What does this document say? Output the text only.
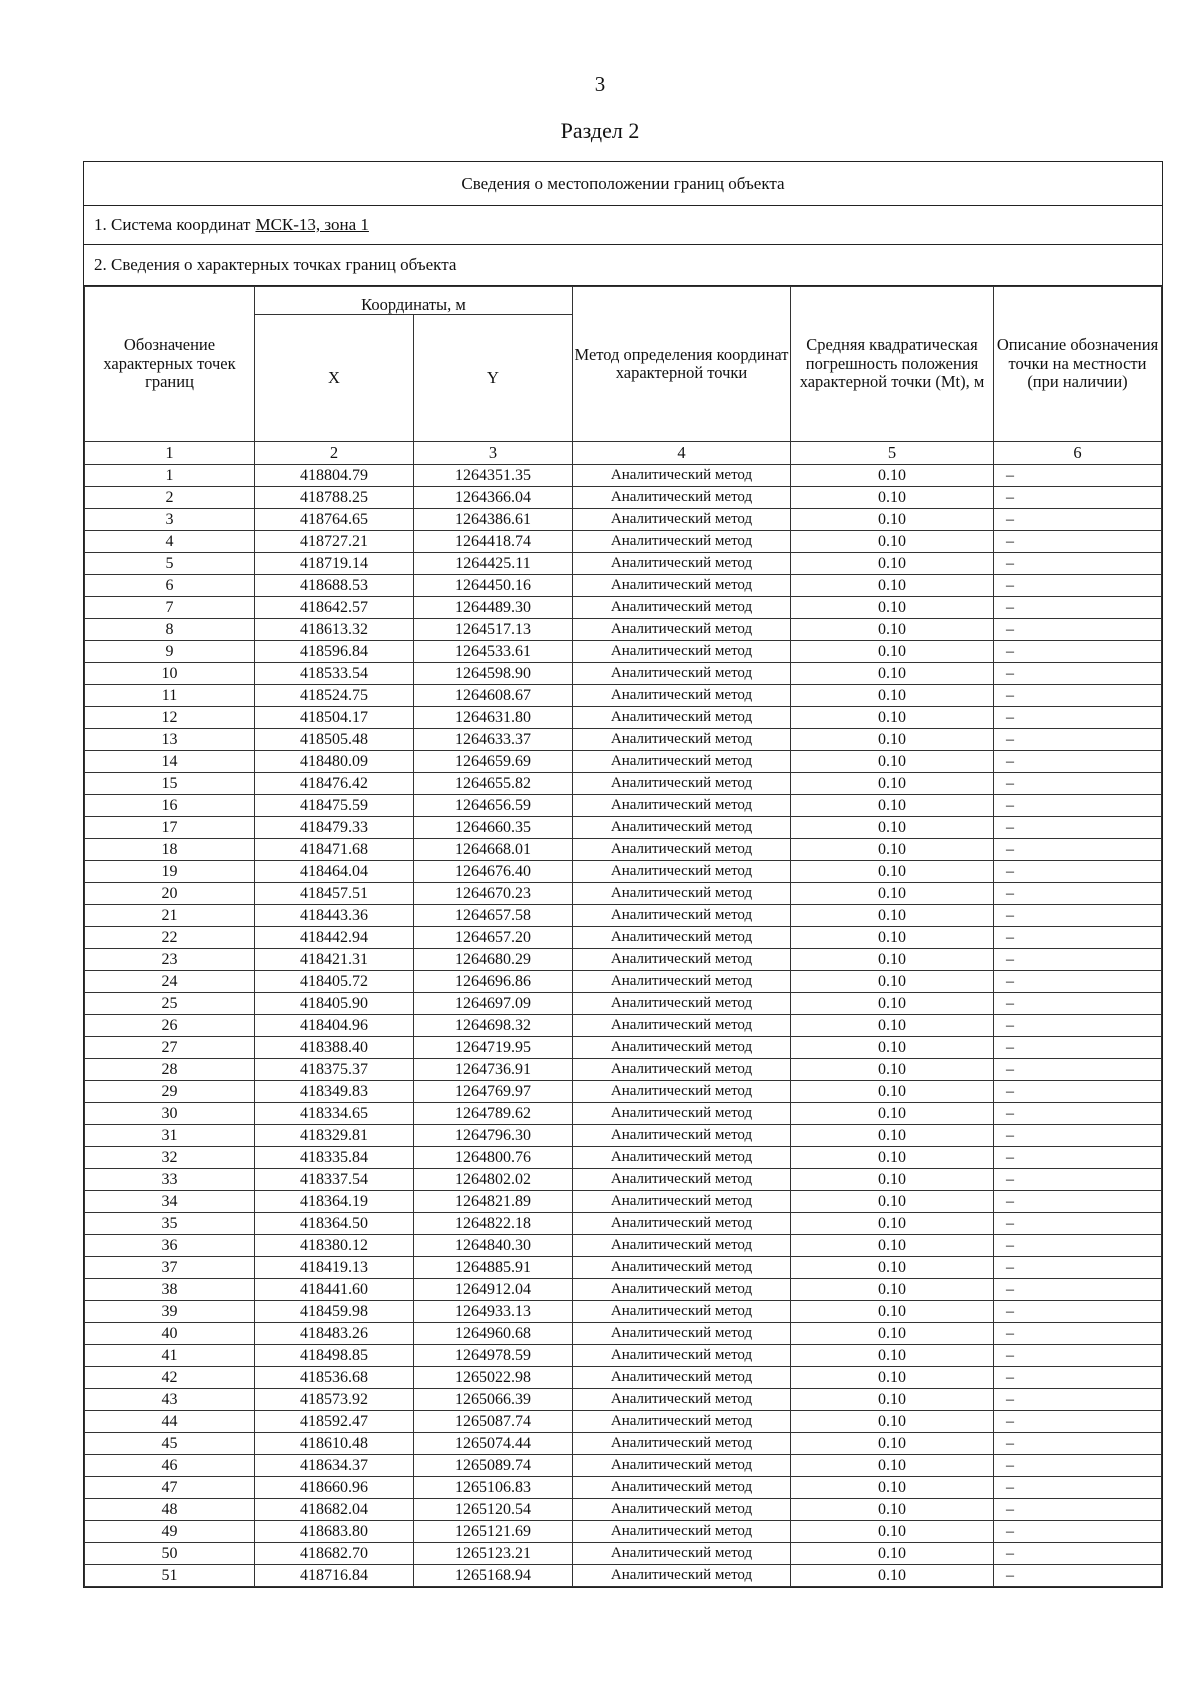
3
Раздел 2
Сведения о местоположении границ объекта
1. Система координат МСК-13, зона 1
2. Сведения о характерных точках границ объекта
Обозначение характерных точек границ	Координаты, м		Метод определения координат характерной точки	Средняя квадратическая погрешность положения характерной точки (Mt), м	Описание обозначения точки на местности (при наличии)
	X	Y			
1	2	3	4	5	6
1	418804.79	1264351.35	Аналитический метод	0.10	–
2	418788.25	1264366.04	Аналитический метод	0.10	–
3	418764.65	1264386.61	Аналитический метод	0.10	–
4	418727.21	1264418.74	Аналитический метод	0.10	–
5	418719.14	1264425.11	Аналитический метод	0.10	–
6	418688.53	1264450.16	Аналитический метод	0.10	–
7	418642.57	1264489.30	Аналитический метод	0.10	–
8	418613.32	1264517.13	Аналитический метод	0.10	–
9	418596.84	1264533.61	Аналитический метод	0.10	–
10	418533.54	1264598.90	Аналитический метод	0.10	–
11	418524.75	1264608.67	Аналитический метод	0.10	–
12	418504.17	1264631.80	Аналитический метод	0.10	–
13	418505.48	1264633.37	Аналитический метод	0.10	–
14	418480.09	1264659.69	Аналитический метод	0.10	–
15	418476.42	1264655.82	Аналитический метод	0.10	–
16	418475.59	1264656.59	Аналитический метод	0.10	–
17	418479.33	1264660.35	Аналитический метод	0.10	–
18	418471.68	1264668.01	Аналитический метод	0.10	–
19	418464.04	1264676.40	Аналитический метод	0.10	–
20	418457.51	1264670.23	Аналитический метод	0.10	–
21	418443.36	1264657.58	Аналитический метод	0.10	–
22	418442.94	1264657.20	Аналитический метод	0.10	–
23	418421.31	1264680.29	Аналитический метод	0.10	–
24	418405.72	1264696.86	Аналитический метод	0.10	–
25	418405.90	1264697.09	Аналитический метод	0.10	–
26	418404.96	1264698.32	Аналитический метод	0.10	–
27	418388.40	1264719.95	Аналитический метод	0.10	–
28	418375.37	1264736.91	Аналитический метод	0.10	–
29	418349.83	1264769.97	Аналитический метод	0.10	–
30	418334.65	1264789.62	Аналитический метод	0.10	–
31	418329.81	1264796.30	Аналитический метод	0.10	–
32	418335.84	1264800.76	Аналитический метод	0.10	–
33	418337.54	1264802.02	Аналитический метод	0.10	–
34	418364.19	1264821.89	Аналитический метод	0.10	–
35	418364.50	1264822.18	Аналитический метод	0.10	–
36	418380.12	1264840.30	Аналитический метод	0.10	–
37	418419.13	1264885.91	Аналитический метод	0.10	–
38	418441.60	1264912.04	Аналитический метод	0.10	–
39	418459.98	1264933.13	Аналитический метод	0.10	–
40	418483.26	1264960.68	Аналитический метод	0.10	–
41	418498.85	1264978.59	Аналитический метод	0.10	–
42	418536.68	1265022.98	Аналитический метод	0.10	–
43	418573.92	1265066.39	Аналитический метод	0.10	–
44	418592.47	1265087.74	Аналитический метод	0.10	–
45	418610.48	1265074.44	Аналитический метод	0.10	–
46	418634.37	1265089.74	Аналитический метод	0.10	–
47	418660.96	1265106.83	Аналитический метод	0.10	–
48	418682.04	1265120.54	Аналитический метод	0.10	–
49	418683.80	1265121.69	Аналитический метод	0.10	–
50	418682.70	1265123.21	Аналитический метод	0.10	–
51	418716.84	1265168.94	Аналитический метод	0.10	–
